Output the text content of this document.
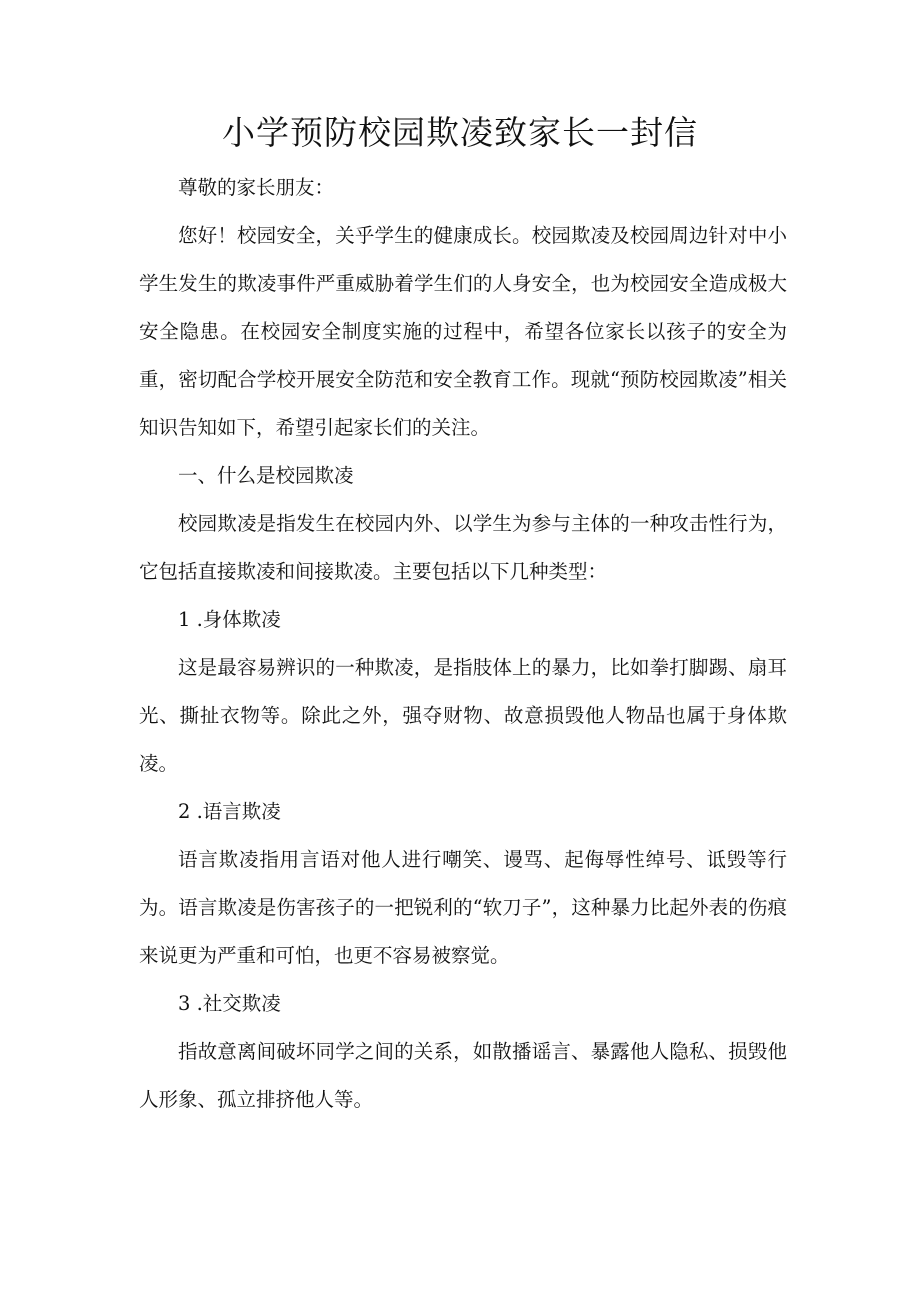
小学预防校园欺凌致家长一封信

尊敬的家长朋友：

您好！校园安全，关乎学生的健康成长。校园欺凌及校园周边针对中小学生发生的欺凌事件严重威胁着学生们的人身安全，也为校园安全造成极大安全隐患。在校园安全制度实施的过程中，希望各位家长以孩子的安全为重，密切配合学校开展安全防范和安全教育工作。现就“预防校园欺凌”相关知识告知如下，希望引起家长们的关注。

一、什么是校园欺凌

校园欺凌是指发生在校园内外、以学生为参与主体的一种攻击性行为，它包括直接欺凌和间接欺凌。主要包括以下几种类型：

1 .身体欺凌

这是最容易辨识的一种欺凌，是指肢体上的暴力，比如拳打脚踢、扇耳光、撕扯衣物等。除此之外，强夺财物、故意损毁他人物品也属于身体欺凌。

2 .语言欺凌

语言欺凌指用言语对他人进行嘲笑、谩骂、起侮辱性绰号、诋毁等行为。语言欺凌是伤害孩子的一把锐利的“软刀子”，这种暴力比起外表的伤痕来说更为严重和可怕，也更不容易被察觉。

3 .社交欺凌

指故意离间破坏同学之间的关系，如散播谣言、暴露他人隐私、损毁他人形象、孤立排挤他人等。
